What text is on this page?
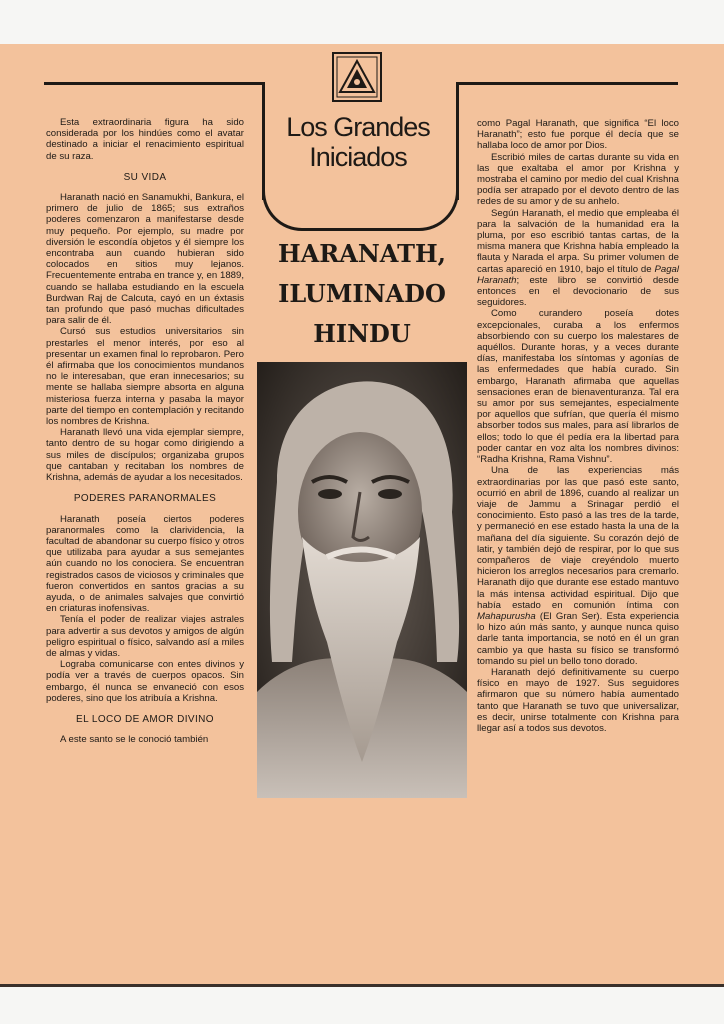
Los Grandes
Iniciados
HARANATH,
ILUMINADO
HINDU

Esta extraordinaria figura ha sido considerada por los hindúes como el avatar destinado a iniciar el renacimiento espiritual de su raza.

SU VIDA

Haranath nació en Sanamukhi, Bankura, el primero de julio de 1865; sus extraños poderes comenzaron a manifestarse desde muy pequeño. Por ejemplo, su madre por diversión le escondía objetos y él siempre los encontraba aun cuando hubieran sido colocados en sitios muy lejanos. Frecuentemente entraba en trance y, en 1889, cuando se hallaba estudiando en la escuela Burdwan Raj de Calcuta, cayó en un éxtasis tan profundo que pasó muchas dificultades para salir de él.

Cursó sus estudios universitarios sin prestarles el menor interés, por eso al presentar un examen final lo reprobaron. Pero él afirmaba que los conocimientos mundanos no le interesaban, que eran innecesarios; su mente se hallaba siempre absorta en alguna misteriosa fuerza interna y pasaba la mayor parte del tiempo en contemplación y recitando los nombres de Krishna.

Haranath llevó una vida ejemplar siempre, tanto dentro de su hogar como dirigiendo a sus miles de discípulos; organizaba grupos que cantaban y recitaban los nombres de Krishna, además de ayudar a los necesitados.

PODERES PARANORMALES

Haranath poseía ciertos poderes paranormales como la clarividencia, la facultad de abandonar su cuerpo físico y otros que utilizaba para ayudar a sus semejantes aún cuando no los conociera. Se encuentran registrados casos de viciosos y criminales que fueron convertidos en santos gracias a su ayuda, o de animales salvajes que convirtió en criaturas inofensivas.

Tenía el poder de realizar viajes astrales para advertir a sus devotos y amigos de algún peligro espiritual o físico, salvando así a miles de almas y vidas.

Lograba comunicarse con entes divinos y podía ver a través de cuerpos opacos. Sin embargo, él nunca se envaneció con esos poderes, sino que los atribuía a Krishna.

EL LOCO DE AMOR DIVINO

A este santo se le conoció también

como Pagal Haranath, que significa “El loco Haranath”; esto fue porque él decía que se hallaba loco de amor por Dios.

Escribió miles de cartas durante su vida en las que exaltaba el amor por Krishna y mostraba el camino por medio del cual Krishna podía ser atrapado por el devoto dentro de las redes de su amor y de su anhelo.

Según Haranath, el medio que empleaba él para la salvación de la humanidad era la pluma, por eso escribió tantas cartas, de la misma manera que Krishna había empleado la flauta y Narada el arpa. Su primer volumen de cartas apareció en 1910, bajo el título de Pagal Haranath; este libro se convirtió desde entonces en el devocionario de sus seguidores.

Como curandero poseía dotes excepcionales, curaba a los enfermos absorbiendo con su cuerpo los malestares de aquéllos. Durante horas, y a veces durante días, manifestaba los síntomas y agonías de las enfermedades que había curado. Sin embargo, Haranath afirmaba que aquellas sensaciones eran de bienaventuranza. Tal era su amor por sus semejantes, especialmente por aquellos que sufrían, que quería él mismo absorber todos sus males, para así librarlos de ellos; todo lo que él pedía era la libertad para poder cantar en voz alta los nombres divinos: “Radha Krishna, Rama Vishnu”.

Una de las experiencias más extraordinarias por las que pasó este santo, ocurrió en abril de 1896, cuando al realizar un viaje de Jammu a Srinagar perdió el conocimiento. Esto pasó a las tres de la tarde, y permaneció en ese estado hasta la una de la mañana del día siguiente. Su corazón dejó de latir, y también dejó de respirar, por lo que sus compañeros de viaje creyéndolo muerto hicieron los arreglos necesarios para cremarlo. Haranath dijo que durante ese estado mantuvo la más intensa actividad espiritual. Dijo que había estado en comunión íntima con Mahapurusha (El Gran Ser). Esta experiencia lo hizo aún más santo, y aunque nunca quiso darle tanta importancia, se notó en él un gran cambio ya que hasta su físico se transformó tomando su piel un bello tono dorado.

Haranath dejó definitivamente su cuerpo físico en mayo de 1927. Sus seguidores afirmaron que su número había aumentado tanto que Haranath se tuvo que universalizar, es decir, unirse totalmente con Krishna para llegar así a todos sus devotos.
